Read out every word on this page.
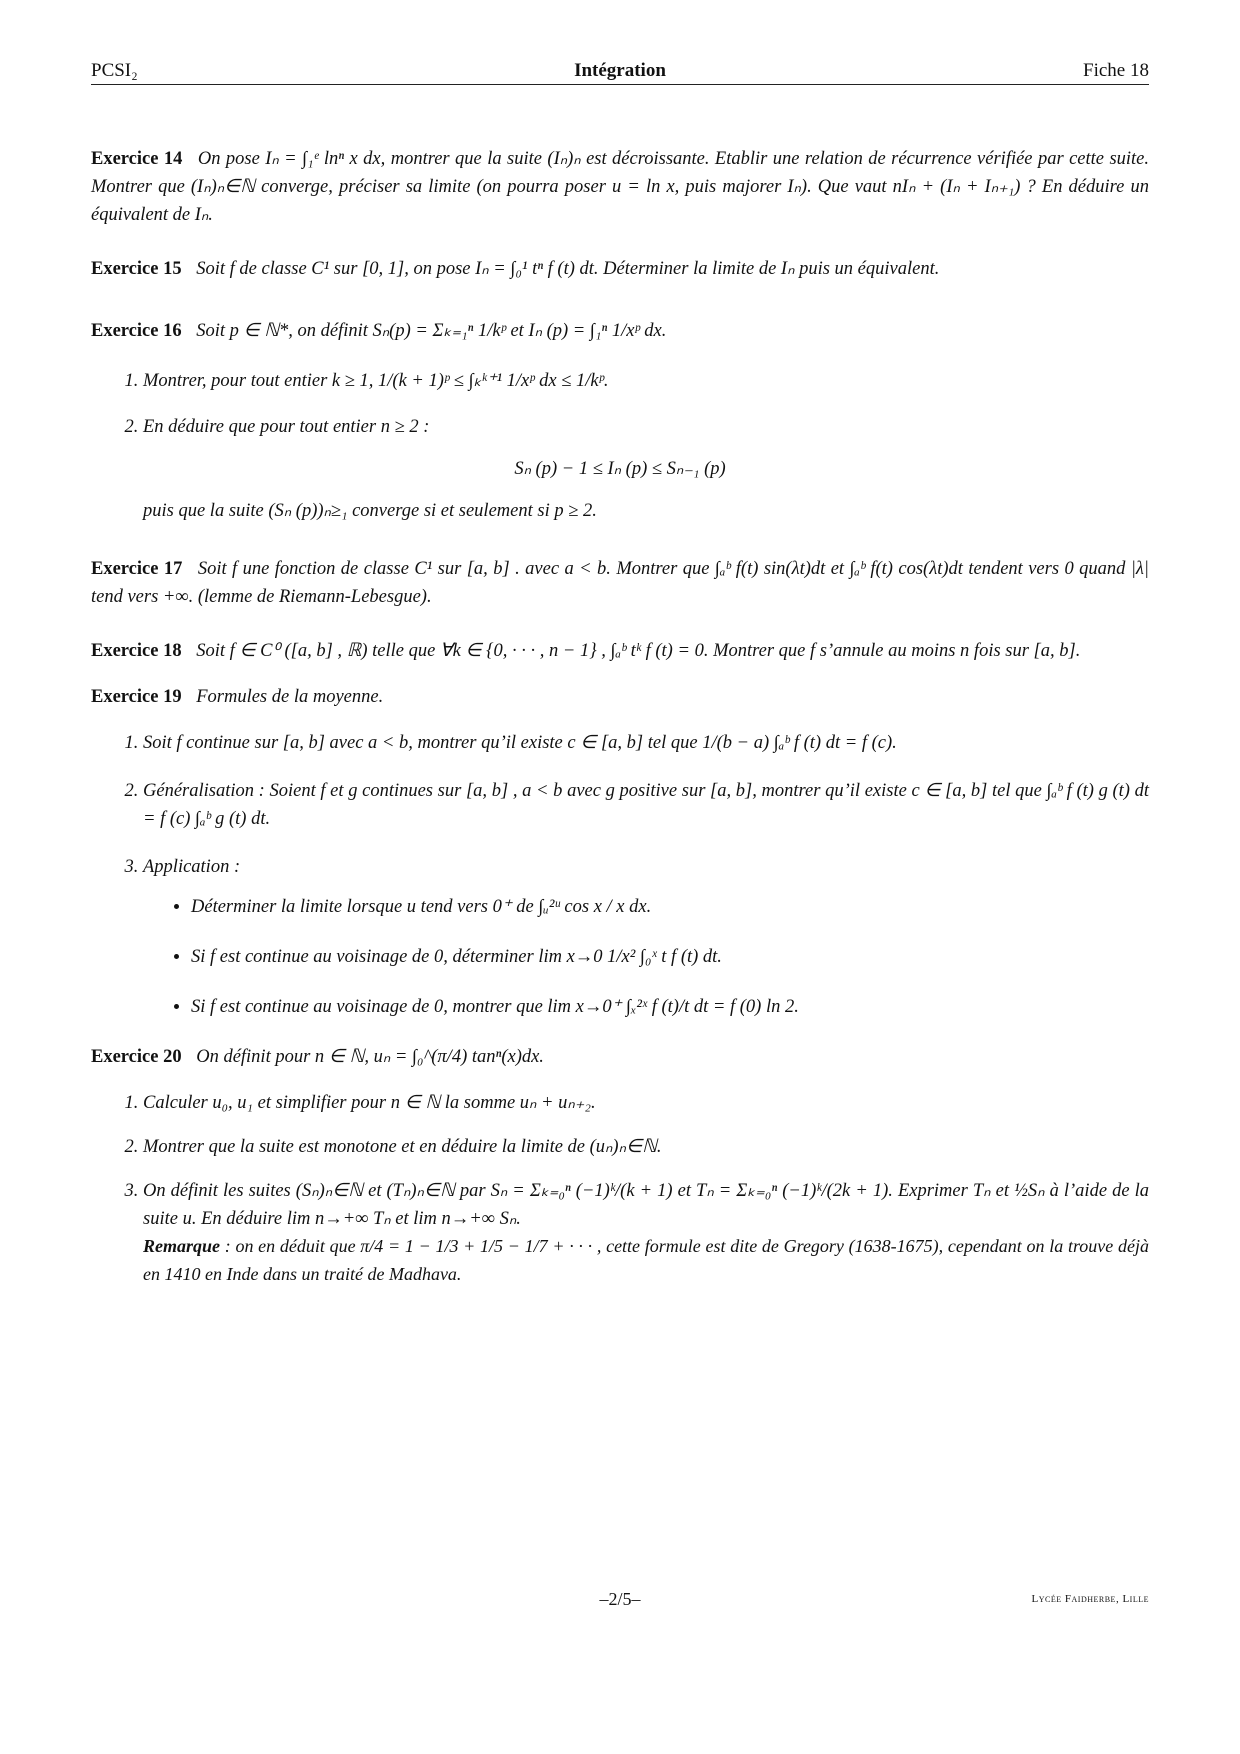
PCSI₂	Intégration	Fiche 18
Exercice 14 On pose Iₙ = ∫₁ᵉ lnⁿ x dx, montrer que la suite (Iₙ)ₙ est décroissante. Etablir une relation de récurrence vérifiée par cette suite. Montrer que (Iₙ)ₙ∈ℕ converge, préciser sa limite (on pourra poser u = ln x, puis majorer Iₙ). Que vaut nIₙ + (Iₙ + Iₙ₊₁) ? En déduire un équivalent de Iₙ.
Exercice 15 Soit f de classe C¹ sur [0, 1], on pose Iₙ = ∫₀¹ tⁿ f (t) dt. Déterminer la limite de Iₙ puis un équivalent.
Exercice 16 Soit p ∈ ℕ*, on définit Sₙ(p) = Σₖ₌₁ⁿ 1/kᵖ et Iₙ (p) = ∫₁ⁿ 1/xᵖ dx.
1. Montrer, pour tout entier k ≥ 1, 1/(k + 1)ᵖ ≤ ∫ₖᵏ⁺¹ 1/xᵖ dx ≤ 1/kᵖ.
2. En déduire que pour tout entier n ≥ 2 :
Sₙ (p) − 1 ≤ Iₙ (p) ≤ Sₙ₋₁ (p)
puis que la suite (Sₙ (p))ₙ≥₁ converge si et seulement si p ≥ 2.
Exercice 17 Soit f une fonction de classe C¹ sur [a, b] . avec a < b. Montrer que ∫ₐᵇ f(t) sin(λt)dt et ∫ₐᵇ f(t) cos(λt)dt tendent vers 0 quand |λ| tend vers +∞. (lemme de Riemann-Lebesgue).
Exercice 18 Soit f ∈ C⁰ ([a, b] , ℝ) telle que ∀k ∈ {0, · · · , n − 1} , ∫ₐᵇ tᵏ f (t) = 0. Montrer que f s’annule au moins n fois sur [a, b].
Exercice 19 Formules de la moyenne.
1. Soit f continue sur [a, b] avec a < b, montrer qu’il existe c ∈ [a, b] tel que 1/(b − a) ∫ₐᵇ f (t) dt = f (c).
2. Généralisation : Soient f et g continues sur [a, b] , a < b avec g positive sur [a, b], montrer qu’il existe c ∈ [a, b] tel que ∫ₐᵇ f (t) g (t) dt = f (c) ∫ₐᵇ g (t) dt.
3. Application :
• Déterminer la limite lorsque u tend vers 0⁺ de ∫ᵤ²ᵘ cos x / x dx.
• Si f est continue au voisinage de 0, déterminer lim x→0 1/x² ∫₀ˣ t f (t) dt.
• Si f est continue au voisinage de 0, montrer que lim x→0⁺ ∫ₓ²ˣ f (t)/t dt = f (0) ln 2.
Exercice 20 On définit pour n ∈ ℕ, uₙ = ∫₀^(π/4) tanⁿ(x)dx.
1. Calculer u₀, u₁ et simplifier pour n ∈ ℕ la somme uₙ + uₙ₊₂.
2. Montrer que la suite est monotone et en déduire la limite de (uₙ)ₙ∈ℕ.
3. On définit les suites (Sₙ)ₙ∈ℕ et (Tₙ)ₙ∈ℕ par Sₙ = Σₖ₌₀ⁿ (−1)ᵏ/(k + 1) et Tₙ = Σₖ₌₀ⁿ (−1)ᵏ/(2k + 1). Exprimer Tₙ et ½Sₙ à l’aide de la suite u. En déduire lim n→+∞ Tₙ et lim n→+∞ Sₙ.
Remarque : on en déduit que π/4 = 1 − 1/3 + 1/5 − 1/7 + · · · , cette formule est dite de Gregory (1638-1675), cependant on la trouve déjà en 1410 en Inde dans un traité de Madhava.
–2/5–	Lycée Faidherbe, Lille
